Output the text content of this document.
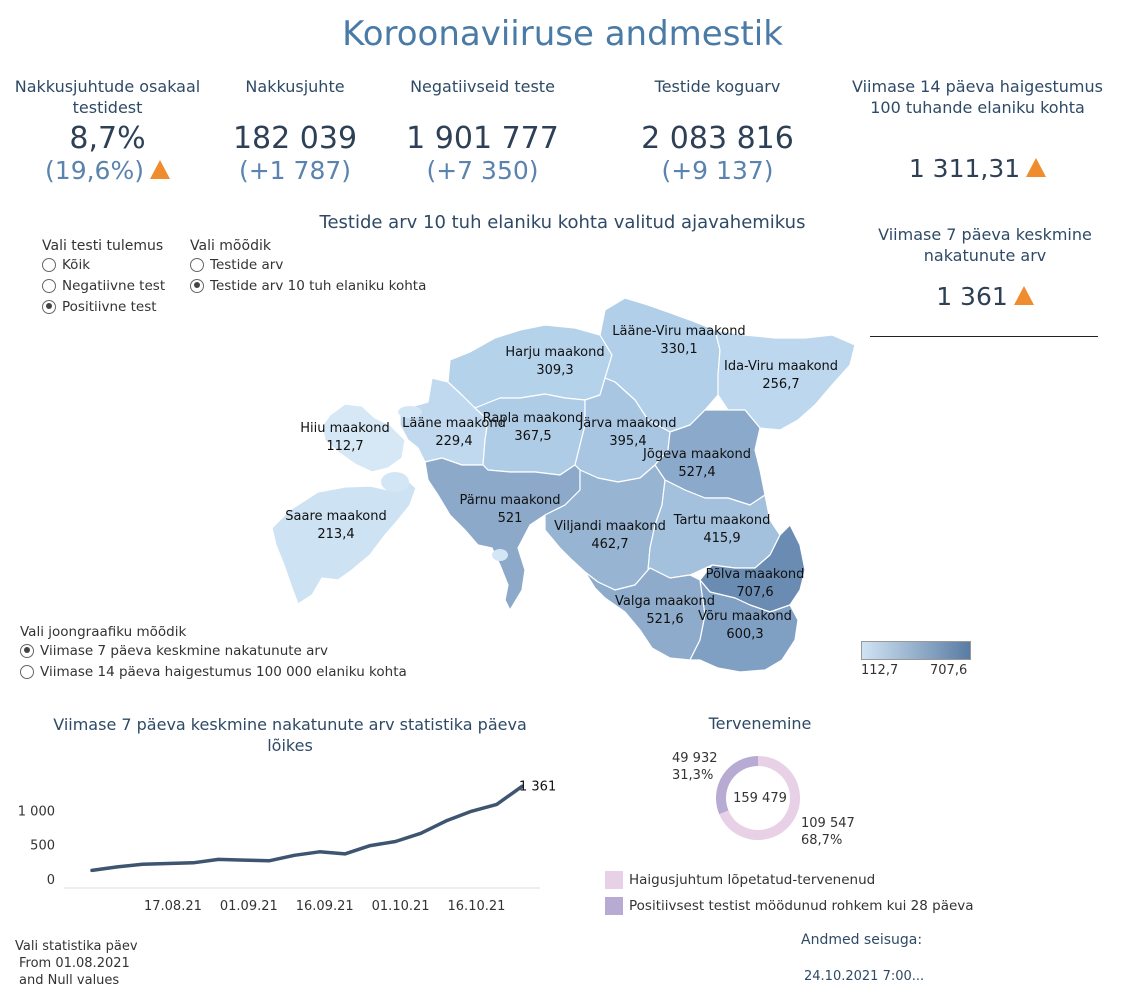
Koroonaviiruse andmestik
Nakkusjuhtude osakaal testidest
8,7%
(19,6%)
Nakkusjuhte
182 039
(+1 787)
Negatiivseid teste
1 901 777
(+7 350)
Testide koguarv
2 083 816
(+9 137)
Viimase 14 päeva haigestumus 100 tuhande elaniku kohta
1 311,31
Testide arv 10 tuh elaniku kohta valitud ajavahemikus
Viimase 7 päeva keskmine nakatunute arv
1 361
Vali testi tulemus
Kõik
Negatiivne test
Positiivne test
Vali mõõdik
Testide arv
Testide arv 10 tuh elaniku kohta
Harju maakond
309,3
Lääne-Viru maakond
330,1
Ida-Viru maakond
256,7
Hiiu maakond
112,7
Lääne maakond
229,4
Rapla maakond
367,5
Järva maakond
395,4
Jõgeva maakond
527,4
Pärnu maakond
521
Saare maakond
213,4
Viljandi maakond
462,7
Tartu maakond
415,9
Põlva maakond
707,6
Valga maakond
521,6	Võru maakond
600,3
112,7 707,6
Vali joongraafiku mõõdik
Viimase 7 päeva keskmine nakatunute arv
Viimase 14 päeva haigestumus 100 000 elaniku kohta
Viimase 7 päeva keskmine nakatunute arv statistika päeva lõikes
0
500
1 000
17.08.21 01.09.21 16.09.21 01.10.21 16.10.21
1 361
Tervenemine
159 479
49 932
31,3%
109 547
68,7%
Haigusjuhtum lõpetatud-tervenenud
Positiivsest testist möödunud rohkem kui 28 päeva
Vali statistika päev
From 01.08.2021
and Null values
Andmed seisuga:
24.10.2021 7:00...
